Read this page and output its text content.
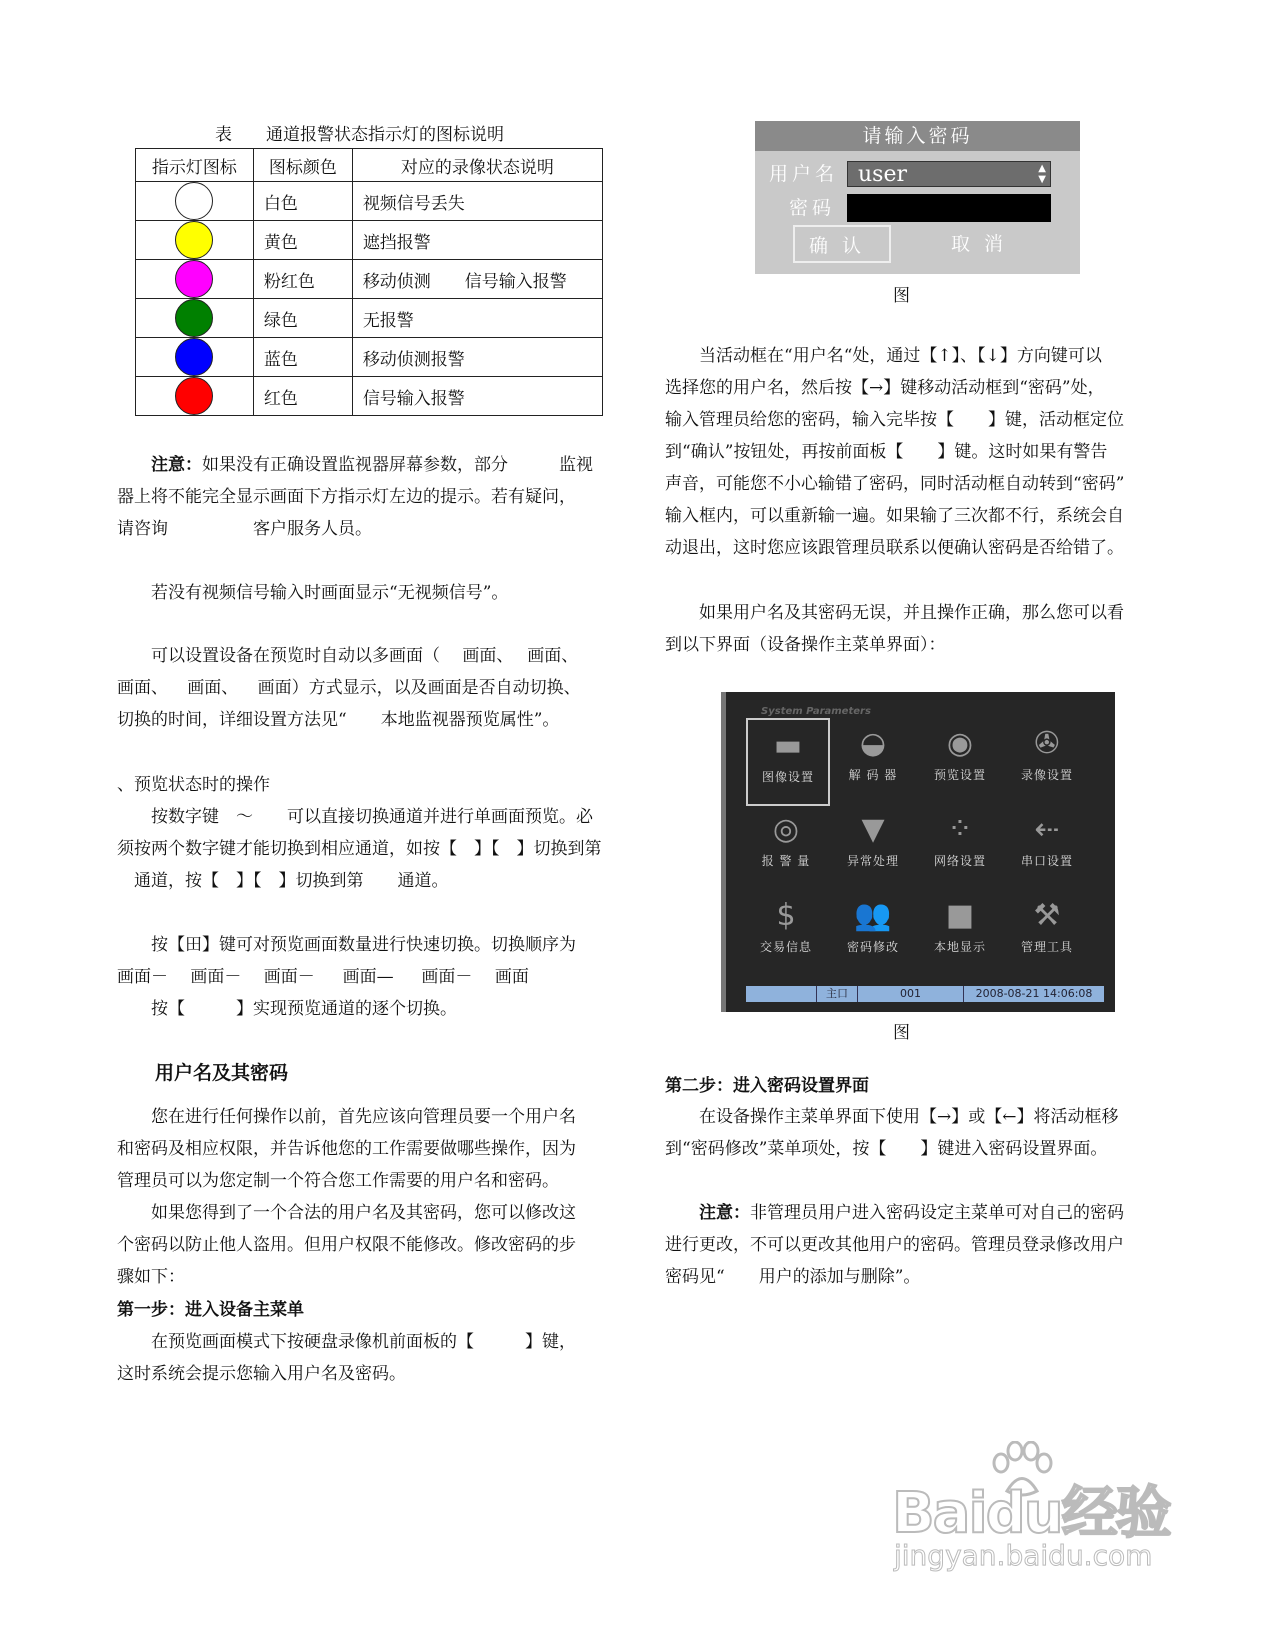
表　　通道报警状态指示灯的图标说明
指示灯图标	图标颜色	对应的录像状态说明

	白色	视频信号丢失

	黄色	遮挡报警

	粉红色	移动侦测　　信号输入报警

	绿色	无报警

	蓝色	移动侦测报警

	红色	信号输入报警
　　注意：如果没有正确设置监视器屏幕参数，部分　　　监视
器上将不能完全显示画面下方指示灯左边的提示。若有疑问，
请咨询　　　　　客户服务人员。
　　若没有视频信号输入时画面显示“无视频信号”。
　　可以设置设备在预览时自动以多画面（　 画面、　 画面、
画面、　  画面、　  画面）方式显示，以及画面是否自动切换、
切换的时间，详细设置方法见“　　本地监视器预览属性”。
、预览状态时的操作
　　按数字键　～　　可以直接切换通道并进行单画面预览。必
须按两个数字键才能切换到相应通道，如按【　】【　】切换到第
　通道，按【　】【　】切换到第　　通道。
　　按【田】键可对预览画面数量进行快速切换。切换顺序为
画面－　 画面－　 画面－　  画面—　  画面－　 画面
　　按【　　　】实现预览通道的逐个切换。
用户名及其密码
　　您在进行任何操作以前，首先应该向管理员要一个用户名
和密码及相应权限，并告诉他您的工作需要做哪些操作，因为
管理员可以为您定制一个符合您工作需要的用户名和密码。
　　如果您得到了一个合法的用户名及其密码，您可以修改这
个密码以防止他人盗用。但用户权限不能修改。修改密码的步
骤如下：
第一步：进入设备主菜单
　　在预览画面模式下按硬盘录像机前面板的【　　　】键，
这时系统会提示您输入用户名及密码。
请输入密码
用户名 user	▲
▼
密码
确认	取消
图
　　当活动框在“用户名“处，通过【↑】、【↓】方向键可以
选择您的用户名，然后按【→】键移动活动框到“密码”处，
输入管理员给您的密码，输入完毕按【　　】键，活动框定位
到“确认”按钮处，再按前面板【　　】键。这时如果有警告
声音，可能您不小心输错了密码，同时活动框自动转到“密码”
输入框内，可以重新输一遍。如果输了三次都不行，系统会自
动退出，这时您应该跟管理员联系以便确认密码是否给错了。
　　如果用户名及其密码无误，并且操作正确，那么您可以看
到以下界面（设备操作主菜单界面）：
System Parameters
▬
图像设置
◒
解 码 器
◉
预览设置
✇
录像设置
◎
报 警 量
▼
异常处理
⁘
网络设置
⇠
串口设置
$
交易信息
👥
密码修改
■
本地显示
⚒
管理工具
主口	001	2008-08-21 14:06:08
图
第二步：进入密码设置界面
　　在设备操作主菜单界面下使用【→】或【←】将活动框移
到“密码修改”菜单项处，按【　　】键进入密码设置界面。
　　注意：非管理员用户进入密码设定主菜单可对自己的密码
进行更改，不可以更改其他用户的密码。管理员登录修改用户
密码见“　　用户的添加与删除”。
Baidu经验
jingyan.baidu.com
